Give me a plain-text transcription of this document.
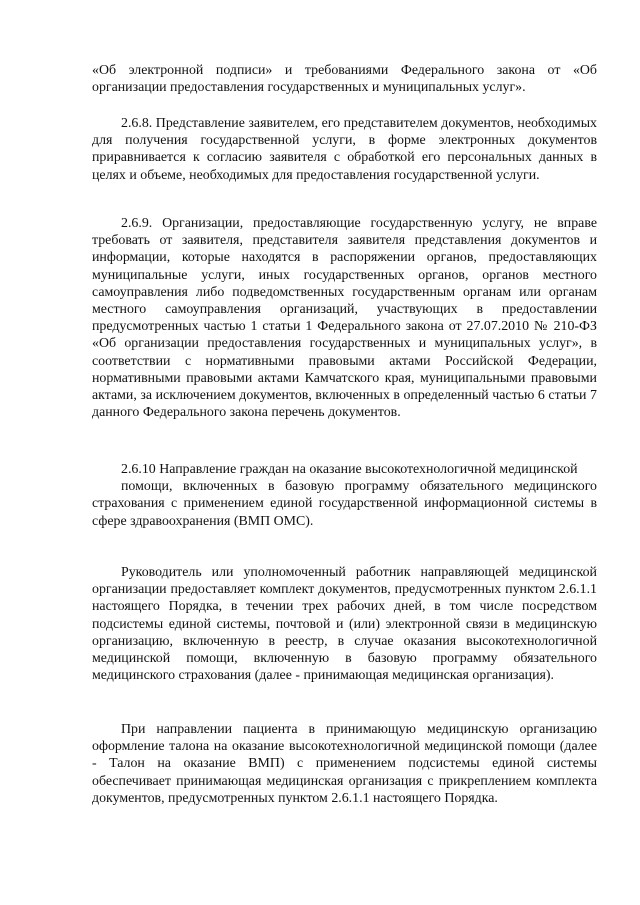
«Об электронной подписи» и требованиями Федерального закона от «Об организации предоставления государственных и муниципальных услуг».

2.6.8. Представление заявителем, его представителем документов, необходимых для получения государственной услуги, в форме электронных документов приравнивается к согласию заявителя с обработкой его персональных данных в целях и объеме, необходимых для предоставления государственной услуги.

2.6.9. Организации, предоставляющие государственную услугу, не вправе требовать от заявителя, представителя заявителя представления документов и информации, которые находятся в распоряжении органов, предоставляющих муниципальные услуги, иных государственных органов, органов местного самоуправления либо подведомственных государственным органам или органам местного самоуправления организаций, участвующих в предоставлении предусмотренных частью 1 статьи 1 Федерального закона от 27.07.2010 № 210-ФЗ «Об организации предоставления государственных и муниципальных услуг», в соответствии с нормативными правовыми актами Российской Федерации, нормативными правовыми актами Камчатского края, муниципальными правовыми актами, за исключением документов, включенных в определенный частью 6 статьи 7 данного Федерального закона перечень документов.

2.6.10 Направление граждан на оказание высокотехнологичной медицинской
помощи, включенных в базовую программу обязательного медицинского страхования с применением единой государственной информационной системы в сфере здравоохранения (ВМП ОМС).

Руководитель или уполномоченный работник направляющей медицинской организации предоставляет комплект документов, предусмотренных пунктом 2.6.1.1 настоящего Порядка, в течении трех рабочих дней, в том числе посредством подсистемы единой системы, почтовой и (или) электронной связи в медицинскую организацию, включенную в реестр, в случае оказания высокотехнологичной медицинской помощи, включенную в базовую программу обязательного медицинского страхования (далее - принимающая медицинская организация).

При направлении пациента в принимающую медицинскую организацию оформление талона на оказание высокотехнологичной медицинской помощи (далее - Талон на оказание ВМП) с применением подсистемы единой системы обеспечивает принимающая медицинская организация с прикреплением комплекта документов, предусмотренных пунктом 2.6.1.1 настоящего Порядка.
